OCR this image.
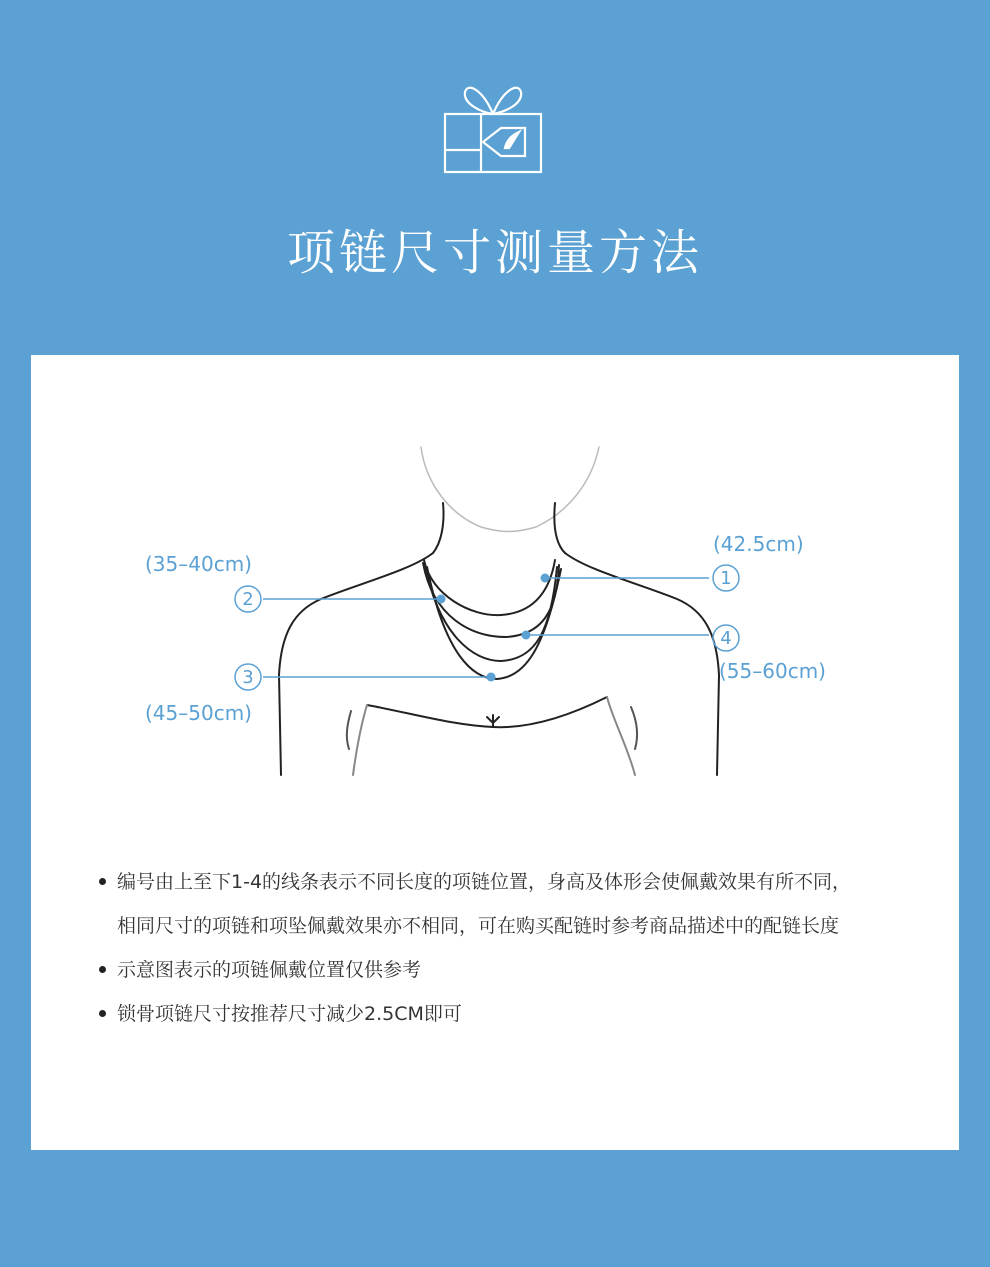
项链尺寸测量方法
1
2
3
4
(42.5cm)
(35–40cm)
(45–50cm)
(55–60cm)
编号由上至下1-4的线条表示不同长度的项链位置，身高及体形会使佩戴效果有所不同，
相同尺寸的项链和项坠佩戴效果亦不相同，可在购买配链时参考商品描述中的配链长度
示意图表示的项链佩戴位置仅供参考
锁骨项链尺寸按推荐尺寸减少2.5CM即可
